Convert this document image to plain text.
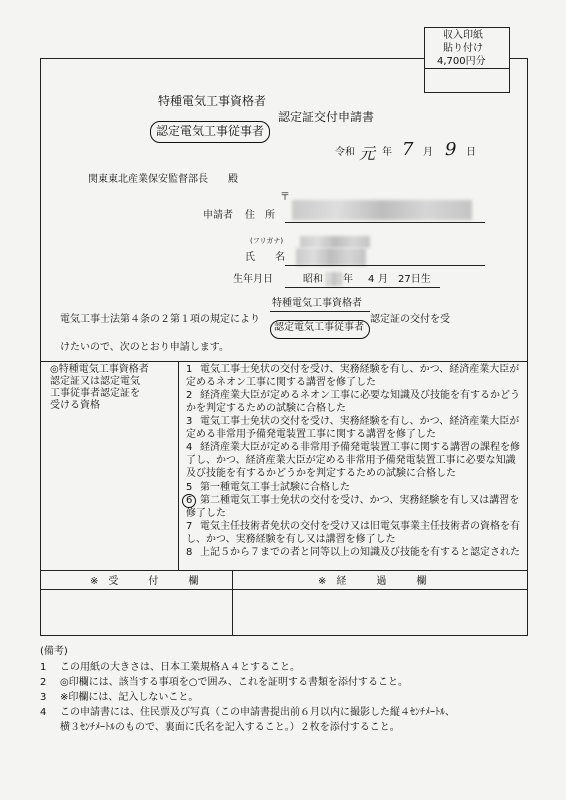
収入印紙
貼り付け
4,700円分
特種電気工事資格者
認定証交付申請書
認定電気工事従事者
令和 元 年 7 月 9 日
関東東北産業保安監督部長　　殿
〒
申請者 住　所
(フリガナ)
氏　　名
生年月日	昭和 年 4 月 27日生
特種電気工事資格者
電気工事士法第４条の２第１項の規定により
認定電気工事従事者
認定証の交付を受
けたいので、次のとおり申請します。
◎特種電気工事資格者
認定証又は認定電気
工事従事者認定証を
受ける資格
1 電気工事士免状の交付を受け、実務経験を有し、かつ、経済産業大臣が
定めるネオン工事に関する講習を修了した
2 経済産業大臣が定めるネオン工事に必要な知識及び技能を有するかどう
かを判定するための試験に合格した
3 電気工事士免状の交付を受け、実務経験を有し、かつ、経済産業大臣が
定める非常用予備発電装置工事に関する講習を修了した
4 経済産業大臣が定める非常用予備発電装置工事に関する講習の課程を修
了し、かつ、経済産業大臣が定める非常用予備発電装置工事に必要な知識
及び技能を有するかどうかを判定するための試験に合格した
5 第一種電気工事士試験に合格した
6 第二種電気工事士免状の交付を受け、かつ、実務経験を有し又は講習を
修了した
7 電気主任技術者免状の交付を受け又は旧電気事業主任技術者の資格を有
し、かつ、実務経験を有し又は講習を修了した
8 上記５から７までの者と同等以上の知識及び技能を有すると認定された
※　受　　　付　　　欄	※　経　　　過　　　欄
(備考)
1 この用紙の大きさは、日本工業規格Ａ４とすること。
2 ◎印欄には、該当する事項を○で囲み、これを証明する書類を添付すること。
3 ※印欄には、記入しないこと。
4 この申請書には、住民票及び写真（この申請書提出前６月以内に撮影した縦４ｾﾝﾁﾒｰﾄﾙ、
横３ｾﾝﾁﾒｰﾄﾙのもので、裏面に氏名を記入すること。）２枚を添付すること。
